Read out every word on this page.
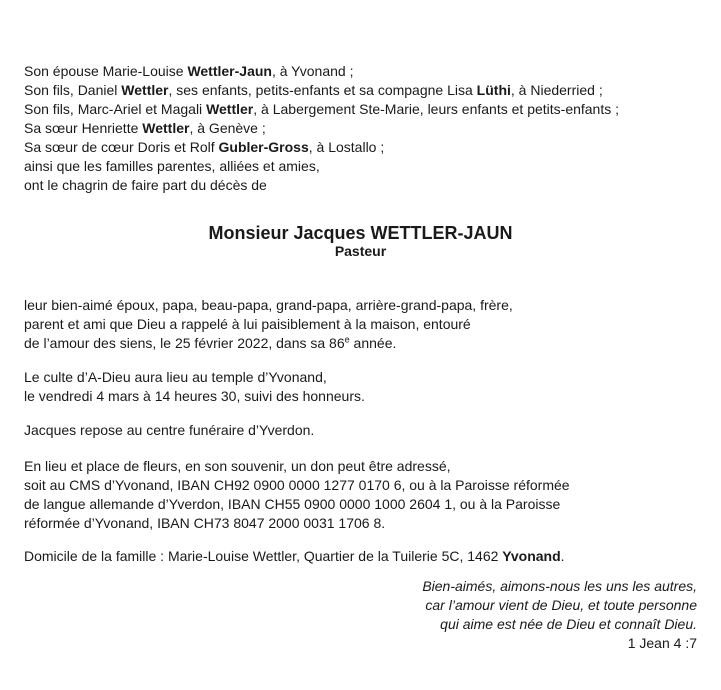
Son épouse Marie-Louise Wettler-Jaun, à Yvonand ;
Son fils, Daniel Wettler, ses enfants, petits-enfants et sa compagne Lisa Lüthi, à Niederried ;
Son fils, Marc-Ariel et Magali Wettler, à Labergement Ste-Marie, leurs enfants et petits-enfants ;
Sa sœur Henriette Wettler, à Genève ;
Sa sœur de cœur Doris et Rolf Gubler-Gross, à Lostallo ;
ainsi que les familles parentes, alliées et amies,
ont le chagrin de faire part du décès de

Monsieur Jacques WETTLER-JAUN
Pasteur

leur bien-aimé époux, papa, beau-papa, grand-papa, arrière-grand-papa, frère,
parent et ami que Dieu a rappelé à lui paisiblement à la maison, entouré
de l’amour des siens, le 25 février 2022, dans sa 86e année.

Le culte d’A-Dieu aura lieu au temple d’Yvonand,
le vendredi 4 mars à 14 heures 30, suivi des honneurs.

Jacques repose au centre funéraire d’Yverdon.

En lieu et place de fleurs, en son souvenir, un don peut être adressé,
soit au CMS d’Yvonand, IBAN CH92 0900 0000 1277 0170 6, ou à la Paroisse réformée
de langue allemande d’Yverdon, IBAN CH55 0900 0000 1000 2604 1, ou à la Paroisse
réformée d’Yvonand, IBAN CH73 8047 2000 0031 1706 8.

Domicile de la famille : Marie-Louise Wettler, Quartier de la Tuilerie 5C, 1462 Yvonand.

Bien-aimés, aimons-nous les uns les autres,
car l’amour vient de Dieu, et toute personne
qui aime est née de Dieu et connaît Dieu.
1 Jean 4 :7
